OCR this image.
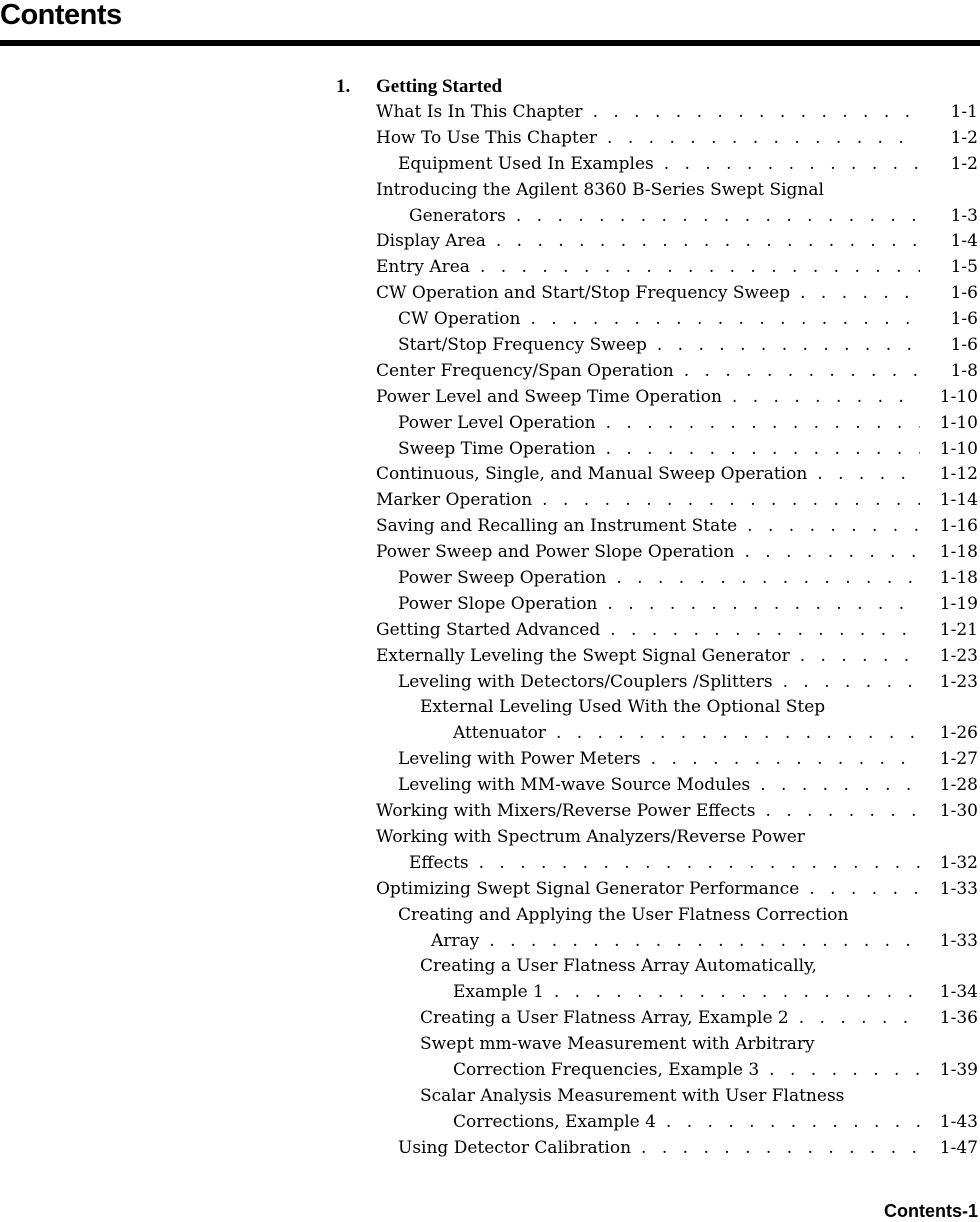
Contents
1. Getting Started
What Is In This Chapter . . .	1-1
How To Use This Chapter . . .	1-2
Equipment Used In Examples . . .	1-2
Introducing the Agilent 8360 B-Series Swept Signal
Generators . . .	1-3
Display Area . . .	1-4
Entry Area . . .	1-5
CW Operation and Start/Stop Frequency Sweep . . .	1-6
CW Operation . . .	1-6
Start/Stop Frequency Sweep . . .	1-6
Center Frequency/Span Operation . . .	1-8
Power Level and Sweep Time Operation . . .	1-10
Power Level Operation . . .	1-10
Sweep Time Operation . . .	1-10
Continuous, Single, and Manual Sweep Operation . . .	1-12
Marker Operation . . .	1-14
Saving and Recalling an Instrument State . . .	1-16
Power Sweep and Power Slope Operation . . .	1-18
Power Sweep Operation . . .	1-18
Power Slope Operation . . .	1-19
Getting Started Advanced . . .	1-21
Externally Leveling the Swept Signal Generator . . .	1-23
Leveling with Detectors/Couplers /Splitters . . .	1-23
External Leveling Used With the Optional Step
Attenuator . . .	1-26
Leveling with Power Meters . . .	1-27
Leveling with MM-wave Source Modules . . .	1-28
Working with Mixers/Reverse Power Effects . . .	1-30
Working with Spectrum Analyzers/Reverse Power
Effects . . .	1-32
Optimizing Swept Signal Generator Performance . . .	1-33
Creating and Applying the User Flatness Correction
Array . . .	1-33
Creating a User Flatness Array Automatically,
Example 1 . . .	1-34
Creating a User Flatness Array, Example 2 . . .	1-36
Swept mm-wave Measurement with Arbitrary
Correction Frequencies, Example 3 . . .	1-39
Scalar Analysis Measurement with User Flatness
Corrections, Example 4 . . .	1-43
Using Detector Calibration . . .	1-47
Contents-1
